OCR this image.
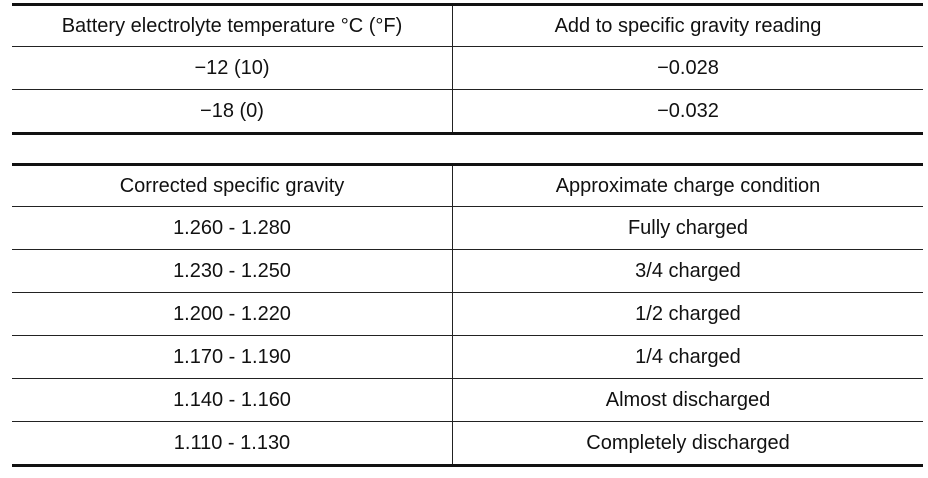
Battery electrolyte temperature °C (°F)	Add to specific gravity reading
−12 (10)	−0.028
−18 (0)	−0.032
Corrected specific gravity	Approximate charge condition
1.260 - 1.280	Fully charged
1.230 - 1.250	3/4 charged
1.200 - 1.220	1/2 charged
1.170 - 1.190	1/4 charged
1.140 - 1.160	Almost discharged
1.110 - 1.130	Completely discharged
